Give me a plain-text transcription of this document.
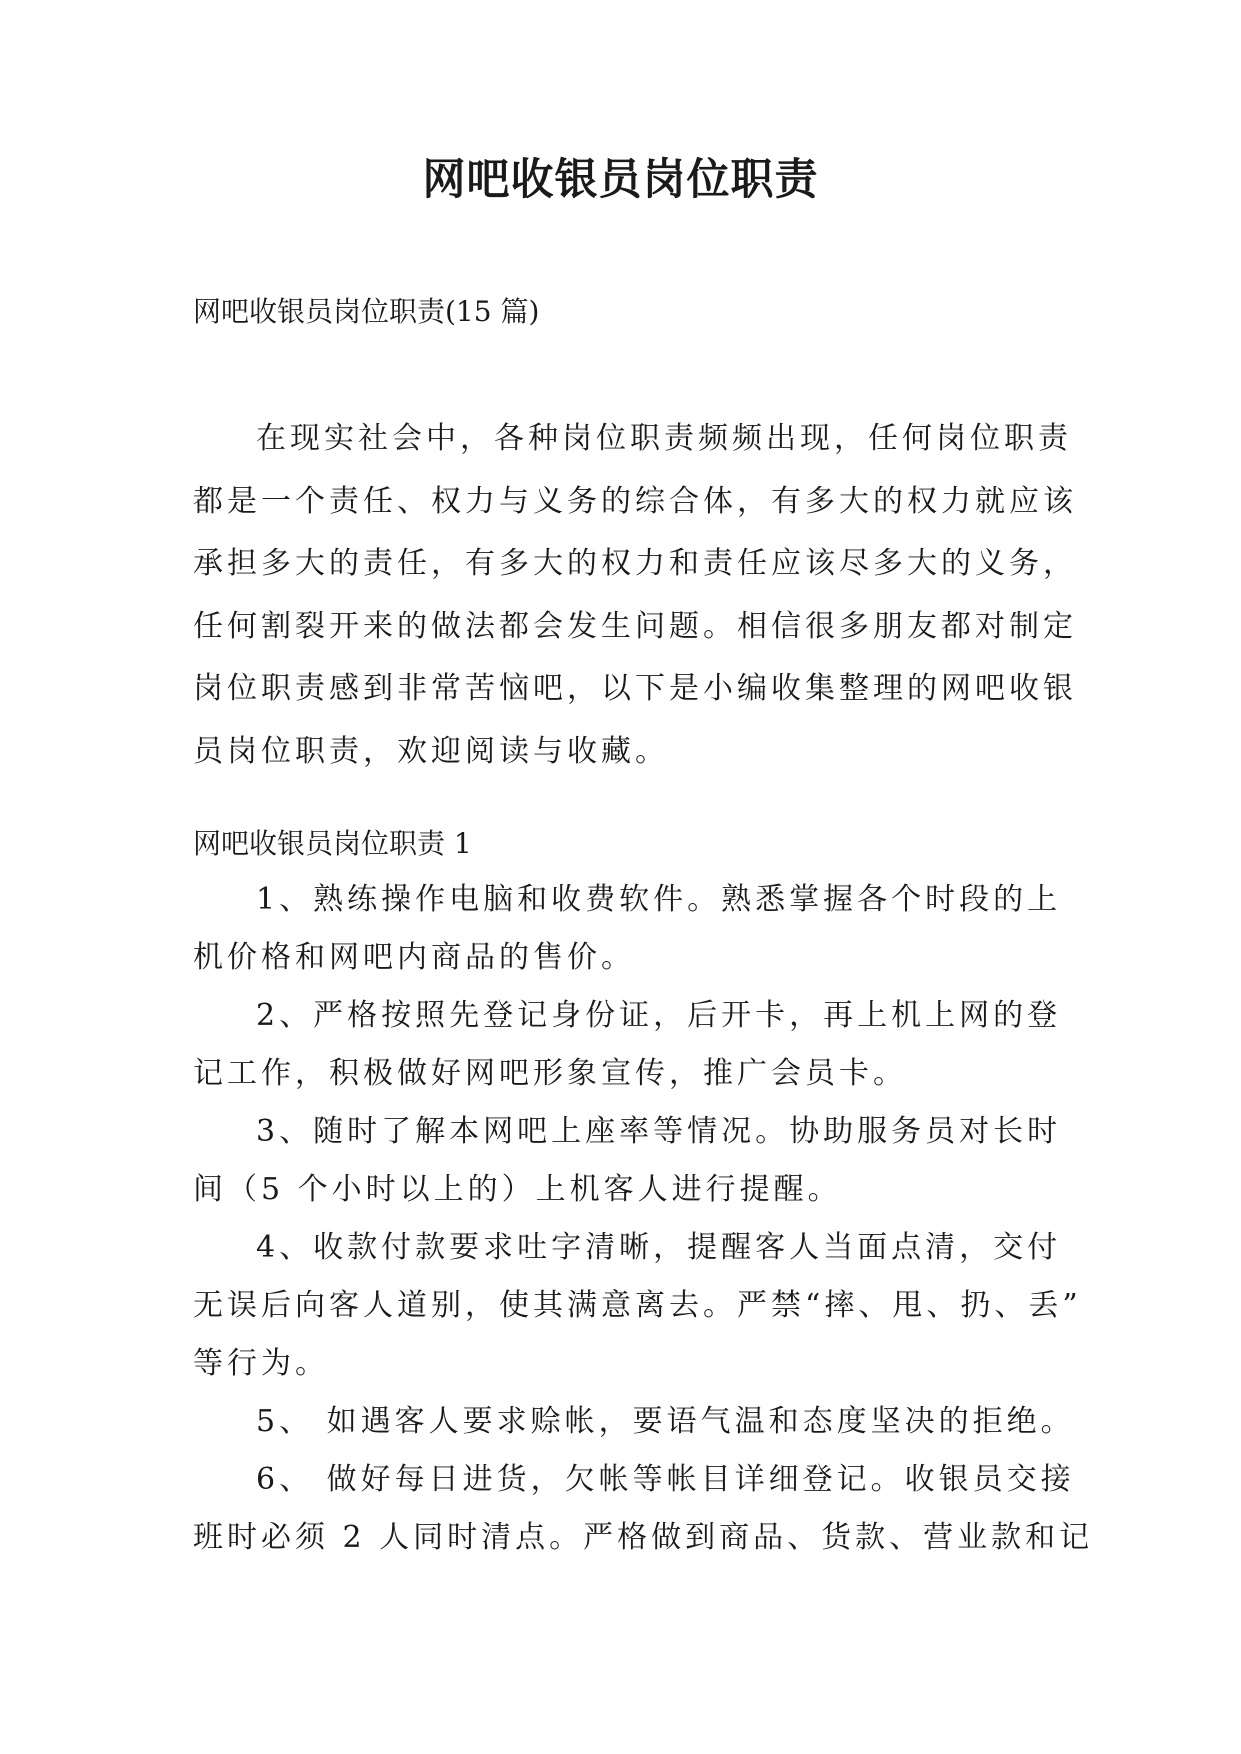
网吧收银员岗位职责

网吧收银员岗位职责(15 篇)

在现实社会中，各种岗位职责频频出现，任何岗位职责
都是一个责任、权力与义务的综合体，有多大的权力就应该
承担多大的责任，有多大的权力和责任应该尽多大的义务，
任何割裂开来的做法都会发生问题。相信很多朋友都对制定
岗位职责感到非常苦恼吧，以下是小编收集整理的网吧收银
员岗位职责，欢迎阅读与收藏。

网吧收银员岗位职责 1

1、熟练操作电脑和收费软件。熟悉掌握各个时段的上
机价格和网吧内商品的售价。
2、严格按照先登记身份证，后开卡，再上机上网的登
记工作，积极做好网吧形象宣传，推广会员卡。
3、随时了解本网吧上座率等情况。协助服务员对长时
间（5 个小时以上的）上机客人进行提醒。
4、收款付款要求吐字清晰，提醒客人当面点清，交付
无误后向客人道别，使其满意离去。严禁“摔、甩、扔、丢”
等行为。
5、 如遇客人要求赊帐，要语气温和态度坚决的拒绝。
6、 做好每日进货，欠帐等帐目详细登记。收银员交接
班时必须 2 人同时清点。严格做到商品、货款、营业款和记
